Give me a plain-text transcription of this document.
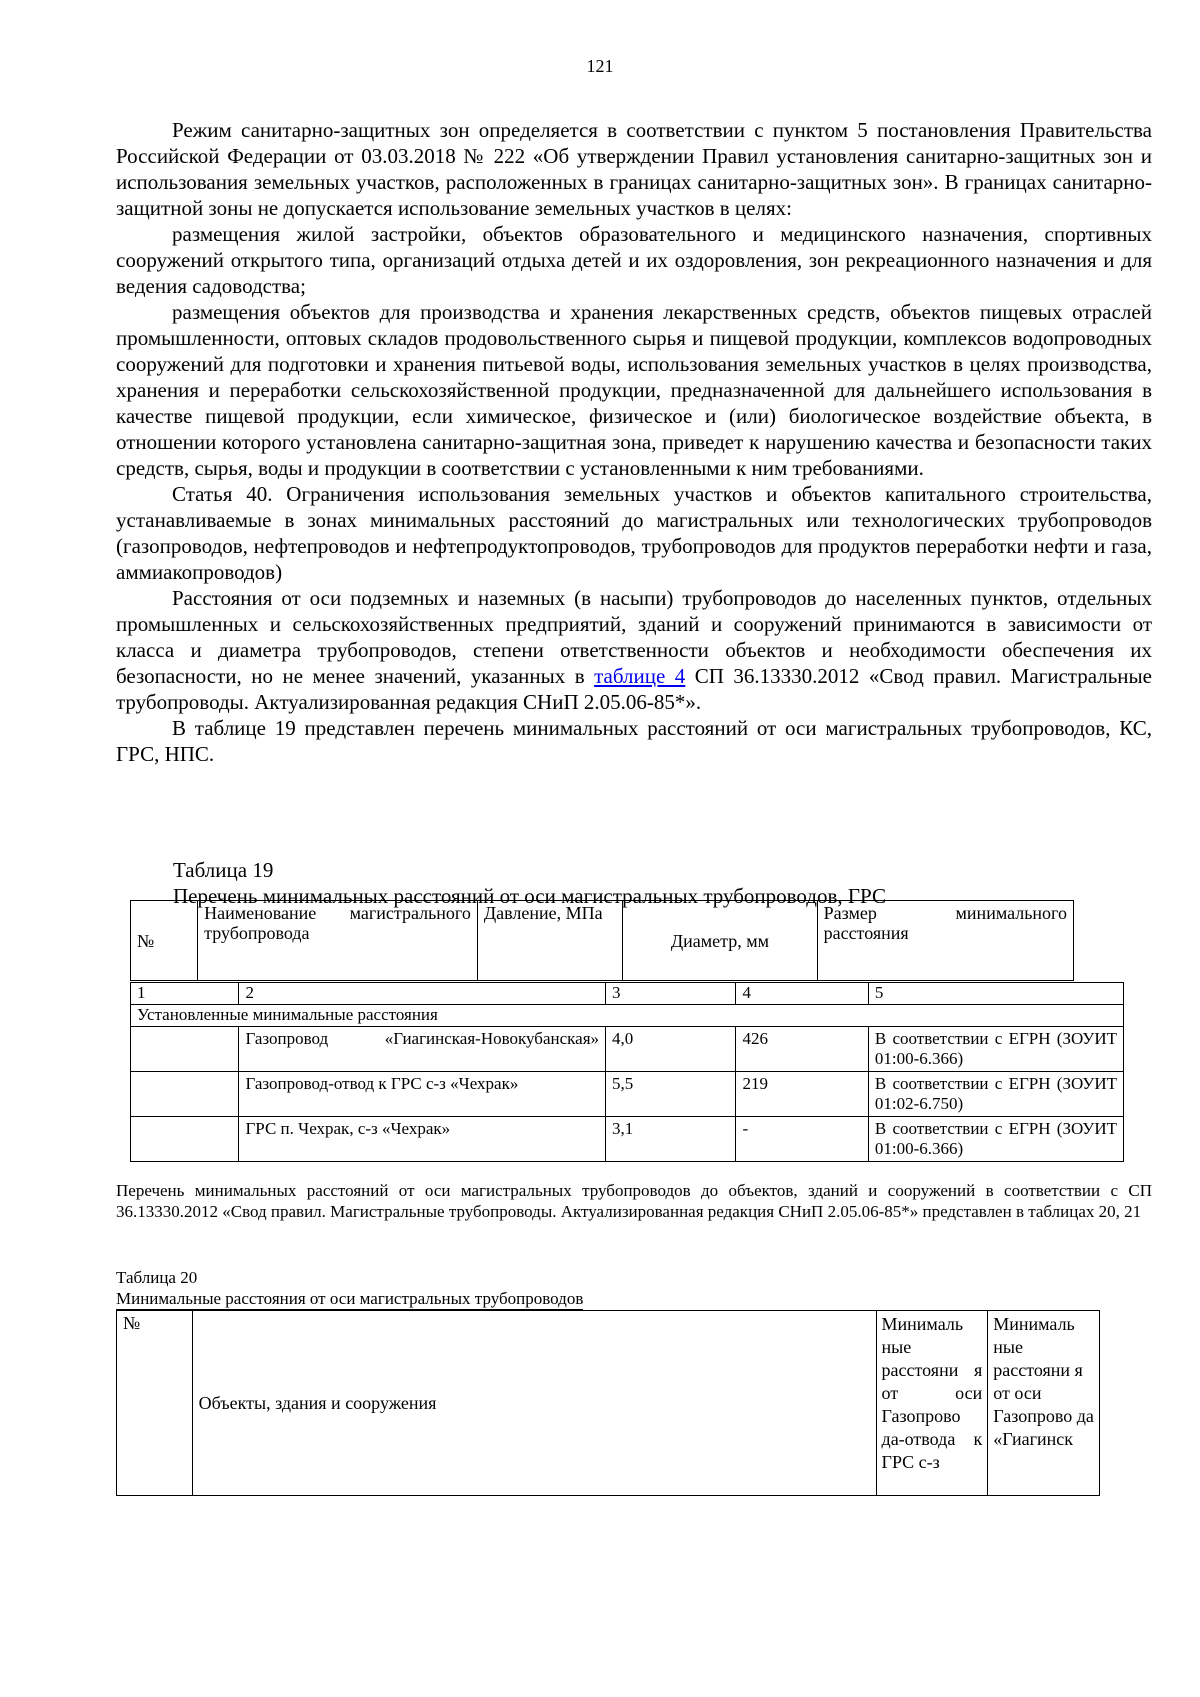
121

Режим санитарно-защитных зон определяется в соответствии с пунктом 5 постановления Правительства Российской Федерации от 03.03.2018 № 222 «Об утверждении Правил установления санитарно-защитных зон и использования земельных участков, расположенных в границах санитарно-защитных зон». В границах санитарно-защитной зоны не допускается использование земельных участков в целях:

размещения жилой застройки, объектов образовательного и медицинского назначения, спортивных сооружений открытого типа, организаций отдыха детей и их оздоровления, зон рекреационного назначения и для ведения садоводства;

размещения объектов для производства и хранения лекарственных средств, объектов пищевых отраслей промышленности, оптовых складов продовольственного сырья и пищевой продукции, комплексов водопроводных сооружений для подготовки и хранения питьевой воды, использования земельных участков в целях производства, хранения и переработки сельскохозяйственной продукции, предназначенной для дальнейшего использования в качестве пищевой продукции, если химическое, физическое и (или) биологическое воздействие объекта, в отношении которого установлена санитарно-защитная зона, приведет к нарушению качества и безопасности таких средств, сырья, воды и продукции в соответствии с установленными к ним требованиями.

Статья 40. Ограничения использования земельных участков и объектов капитального строительства, устанавливаемые в зонах минимальных расстояний до магистральных или технологических трубопроводов (газопроводов, нефтепроводов и нефтепродуктопроводов, трубопроводов для продуктов переработки нефти и газа, аммиакопроводов)

Расстояния от оси подземных и наземных (в насыпи) трубопроводов до населенных пунктов, отдельных промышленных и сельскохозяйственных предприятий, зданий и сооружений принимаются в зависимости от класса и диаметра трубопроводов, степени ответственности объектов и необходимости обеспечения их безопасности, но не менее значений, указанных в таблице 4 СП 36.13330.2012 «Свод правил. Магистральные трубопроводы. Актуализированная редакция СНиП 2.05.06-85*».

В таблице 19 представлен перечень минимальных расстояний от оси магистральных трубопроводов, КС, ГРС, НПС.

Таблица 19
Перечень минимальных расстояний от оси магистральных трубопроводов, ГРС
№	Наименование магистрального трубопровода	Давление, МПа	Диаметр, мм	Размер минимального расстояния
1	2	3	4	5
Установленные минимальные расстояния				
	Газопровод «Гиагинская-Новокубанская»	4,0	426	В соответствии с ЕГРН (ЗОУИТ 01:00-6.366)
	Газопровод-отвод к ГРС с-з «Чехрак»	5,5	219	В соответствии с ЕГРН (ЗОУИТ 01:02-6.750)
	ГРС п. Чехрак, с-з «Чехрак»	3,1	-	В соответствии с ЕГРН (ЗОУИТ 01:00-6.366)
Перечень минимальных расстояний от оси магистральных трубопроводов до объектов, зданий и сооружений в соответствии с СП 36.13330.2012 «Свод правил. Магистральные трубопроводы. Актуализированная редакция СНиП 2.05.06-85*» представлен в таблицах 20, 21
Таблица 20
Минимальные расстояния от оси магистральных трубопроводов
№	Объекты, здания и сооружения	Минималь ные расстояни я от оси Газопрово да-отвода к ГРС с-з	Минималь ные расстояни я от оси Газопрово да «Гиагинск
